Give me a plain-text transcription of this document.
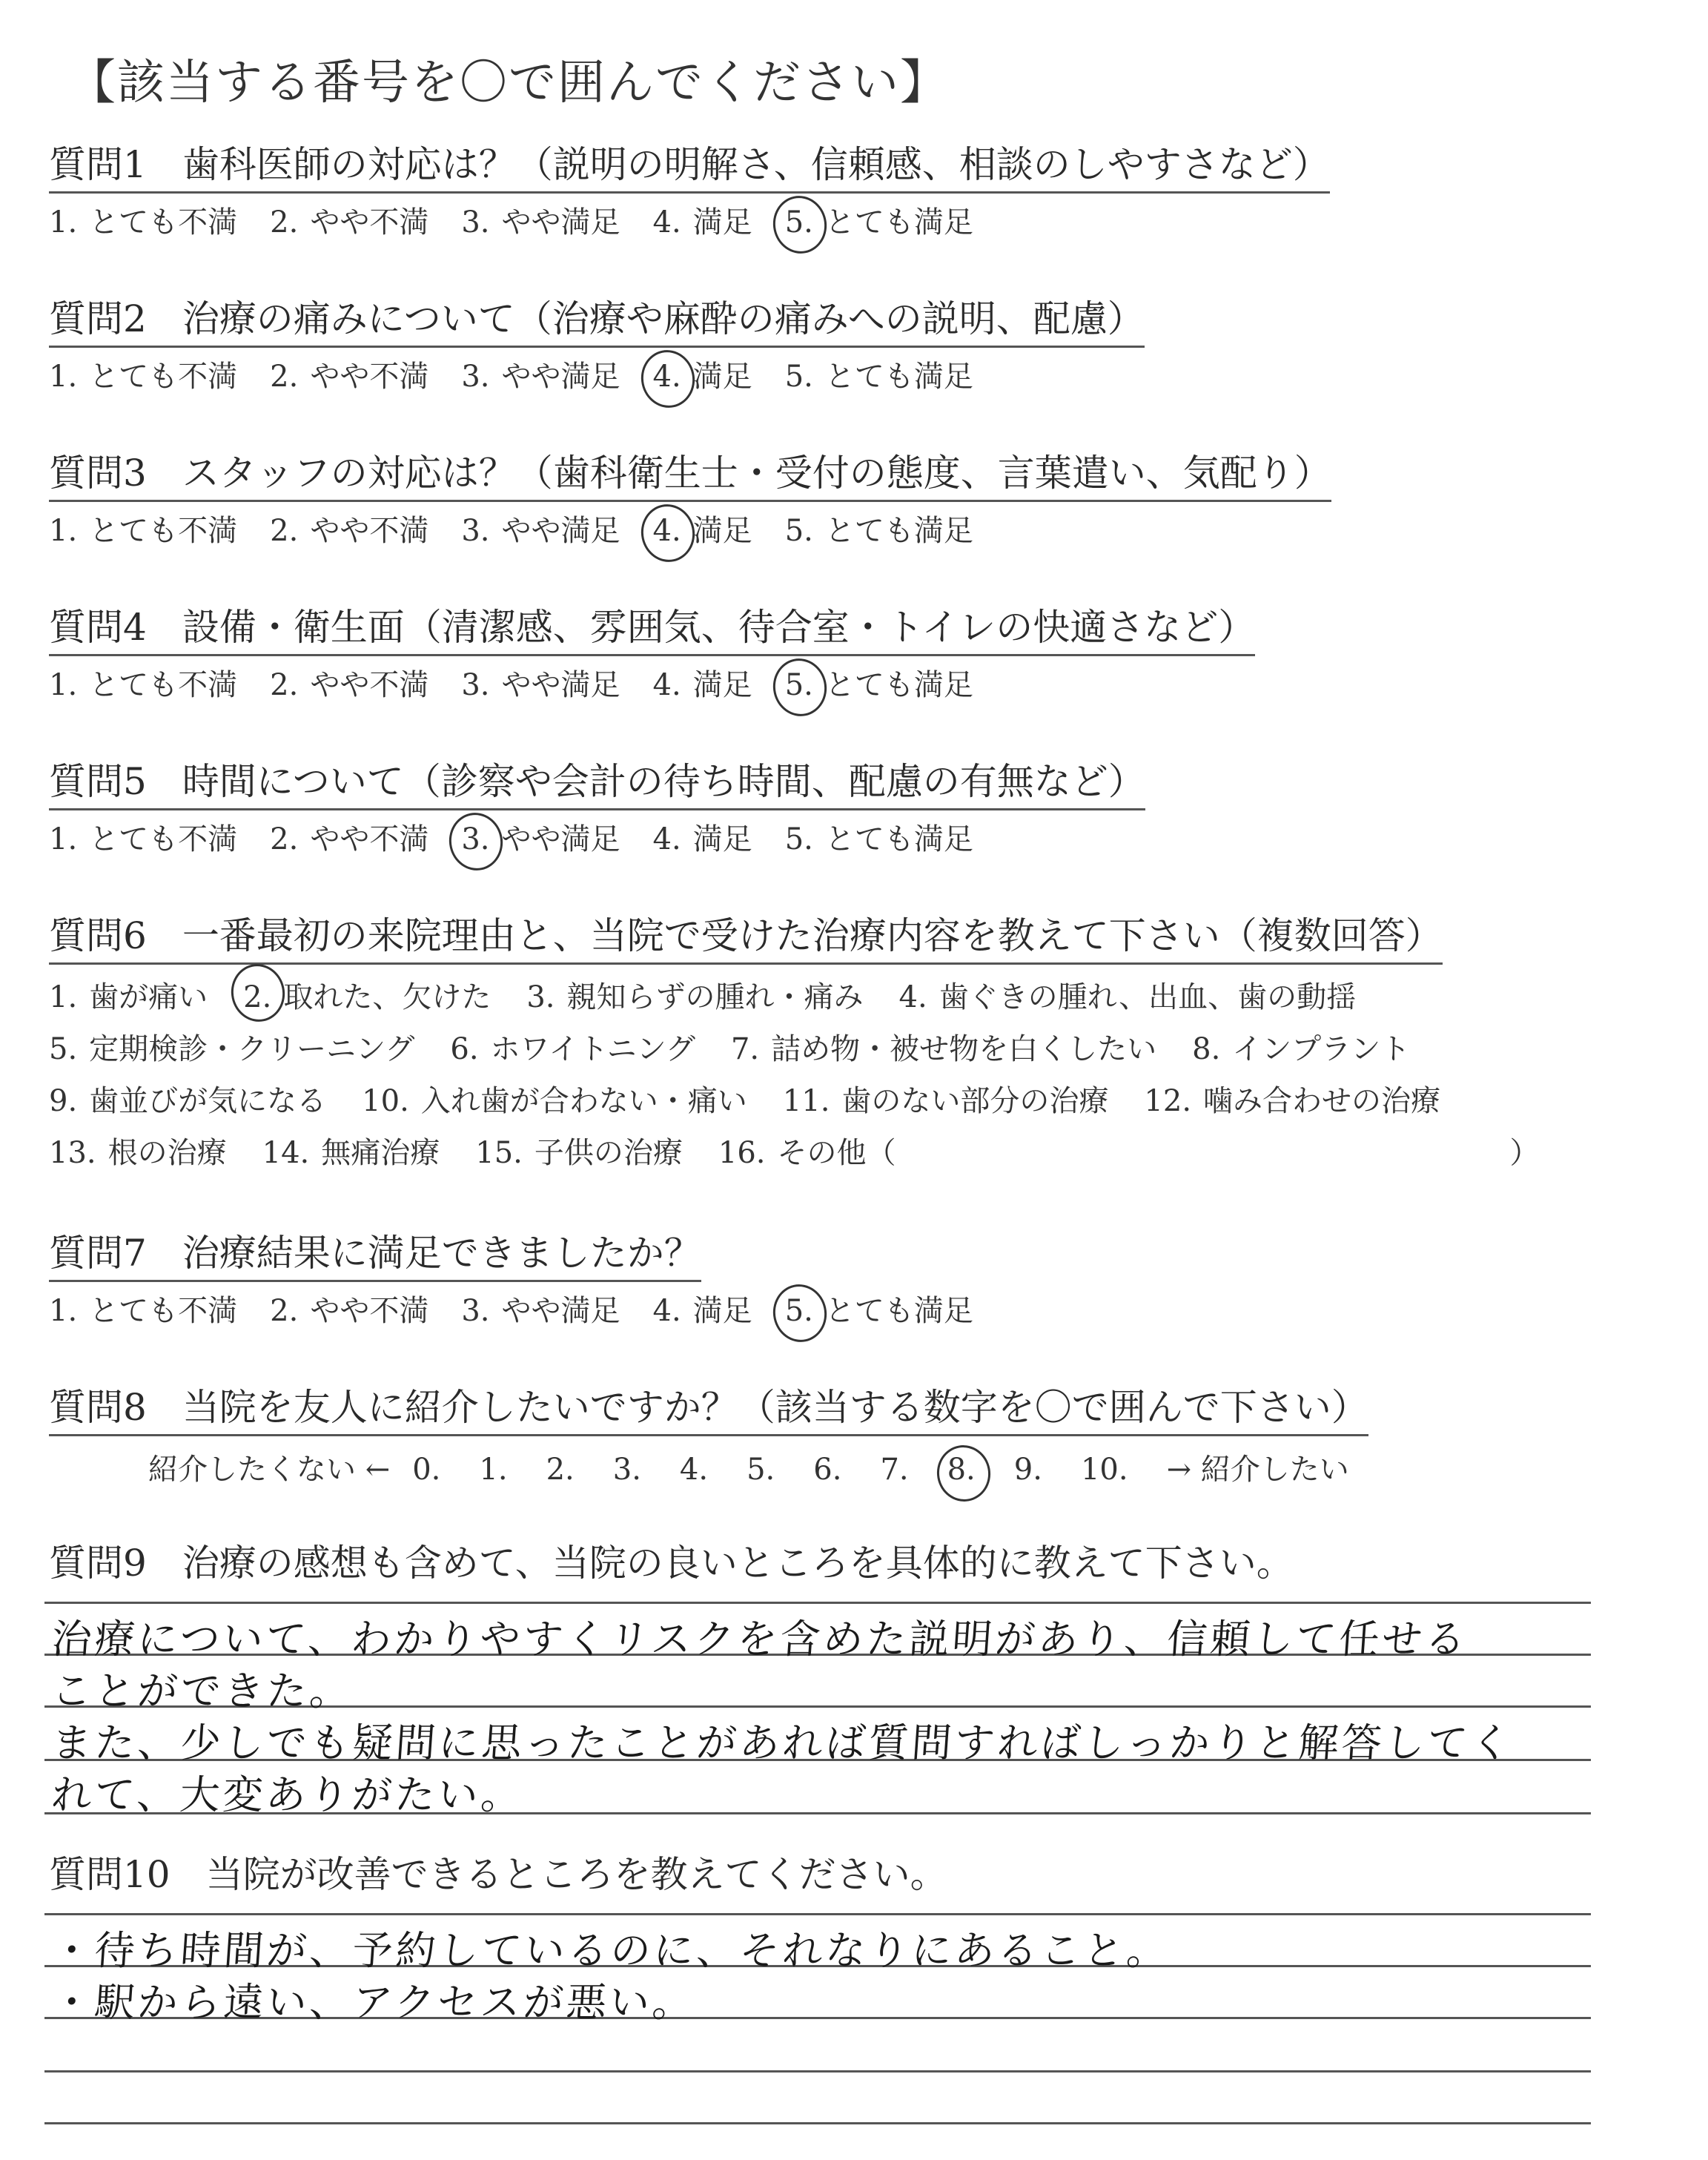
【該当する番号を〇で囲んでください】
質問1 歯科医師の対応は？（説明の明解さ、信頼感、相談のしやすさなど）
1. とても不満 2. やや不満 3. やや満足 4. 満足 5. とても満足
質問2 治療の痛みについて（治療や麻酔の痛みへの説明、配慮）
1. とても不満 2. やや不満 3. やや満足 4. 満足 5. とても満足
質問3 スタッフの対応は？（歯科衛生士・受付の態度、言葉遣い、気配り）
1. とても不満 2. やや不満 3. やや満足 4. 満足 5. とても満足
質問4 設備・衛生面（清潔感、雰囲気、待合室・トイレの快適さなど）
1. とても不満 2. やや不満 3. やや満足 4. 満足 5. とても満足
質問5 時間について（診察や会計の待ち時間、配慮の有無など）
1. とても不満 2. やや不満 3. やや満足 4. 満足 5. とても満足
質問6 一番最初の来院理由と、当院で受けた治療内容を教えて下さい（複数回答）
1. 歯が痛い 2. 取れた、欠けた 3. 親知らずの腫れ・痛み 4. 歯ぐきの腫れ、出血、歯の動揺
5. 定期検診・クリーニング 6. ホワイトニング 7. 詰め物・被せ物を白くしたい 8. インプラント
9. 歯並びが気になる 10. 入れ歯が合わない・痛い 11. 歯のない部分の治療 12. 噛み合わせの治療
13. 根の治療 14. 無痛治療 15. 子供の治療 16. その他（	）
質問7 治療結果に満足できましたか？
1. とても不満 2. やや不満 3. やや満足 4. 満足 5. とても満足
質問8 当院を友人に紹介したいですか？（該当する数字を〇で囲んで下さい）
紹介したくない ← 0. 1. 2. 3. 4. 5. 6. 7. 8. 9. 10. → 紹介したい
質問9 治療の感想も含めて、当院の良いところを具体的に教えて下さい。
治療について、わかりやすくリスクを含めた説明があり、信頼して任せる
ことができた。
また、少しでも疑問に思ったことがあれば質問すればしっかりと解答してく
れて、大変ありがたい。
質問10 当院が改善できるところを教えてください。
・待ち時間が、予約しているのに、それなりにあること。
・駅から遠い、アクセスが悪い。
